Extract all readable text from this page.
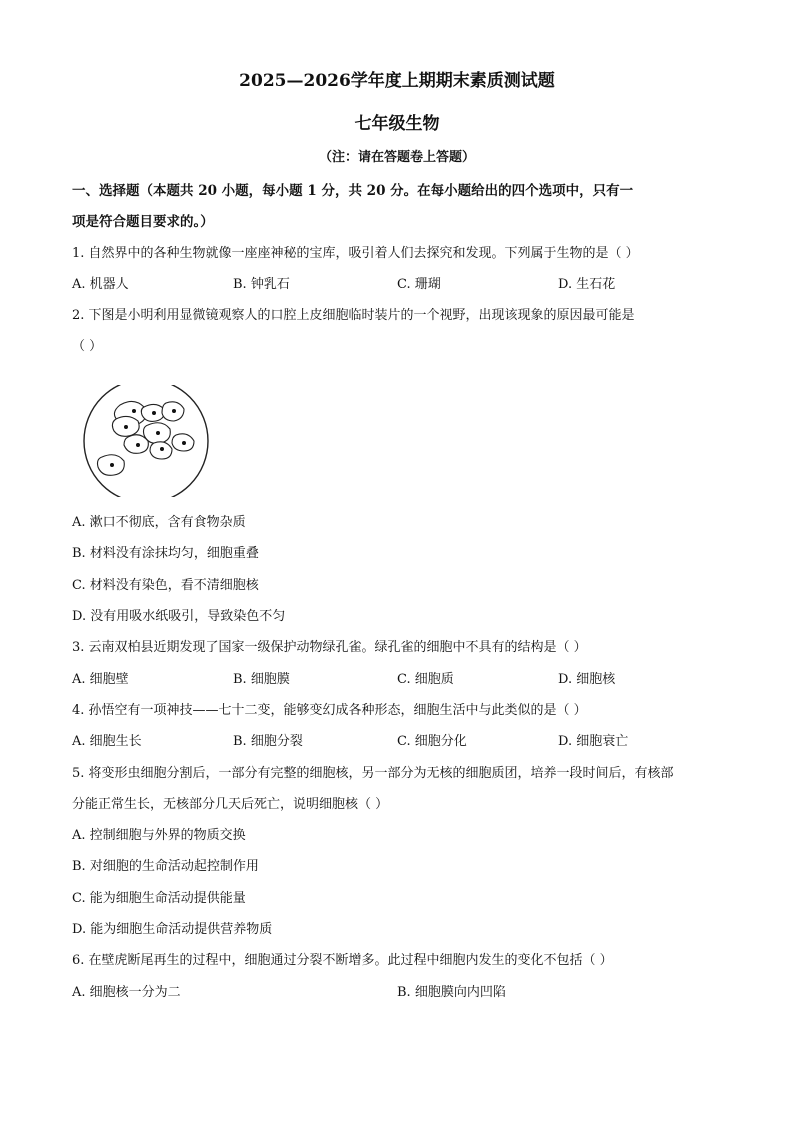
2025—2026学年度上期期末素质测试题
七年级生物
（注：请在答题卷上答题）
一、选择题（本题共 20 小题，每小题 1 分，共 20 分。在每小题给出的四个选项中，只有一
项是符合题目要求的。）
1. 自然界中的各种生物就像一座座神秘的宝库，吸引着人们去探究和发现。下列属于生物的是（ ）
A. 机器人	B. 钟乳石	C. 珊瑚	D. 生石花
2. 下图是小明利用显微镜观察人的口腔上皮细胞临时装片的一个视野，出现该现象的原因最可能是
（ ）
A. 漱口不彻底，含有食物杂质
B. 材料没有涂抹均匀，细胞重叠
C. 材料没有染色，看不清细胞核
D. 没有用吸水纸吸引，导致染色不匀
3. 云南双柏县近期发现了国家一级保护动物绿孔雀。绿孔雀的细胞中不具有的结构是（ ）
A. 细胞壁	B. 细胞膜	C. 细胞质	D. 细胞核
4. 孙悟空有一项神技——七十二变，能够变幻成各种形态，细胞生活中与此类似的是（ ）
A. 细胞生长	B. 细胞分裂	C. 细胞分化	D. 细胞衰亡
5. 将变形虫细胞分割后，一部分有完整的细胞核，另一部分为无核的细胞质团，培养一段时间后，有核部
分能正常生长，无核部分几天后死亡，说明细胞核（ ）
A. 控制细胞与外界的物质交换
B. 对细胞的生命活动起控制作用
C. 能为细胞生命活动提供能量
D. 能为细胞生命活动提供营养物质
6. 在壁虎断尾再生的过程中，细胞通过分裂不断增多。此过程中细胞内发生的变化不包括（ ）
A. 细胞核一分为二	B. 细胞膜向内凹陷
